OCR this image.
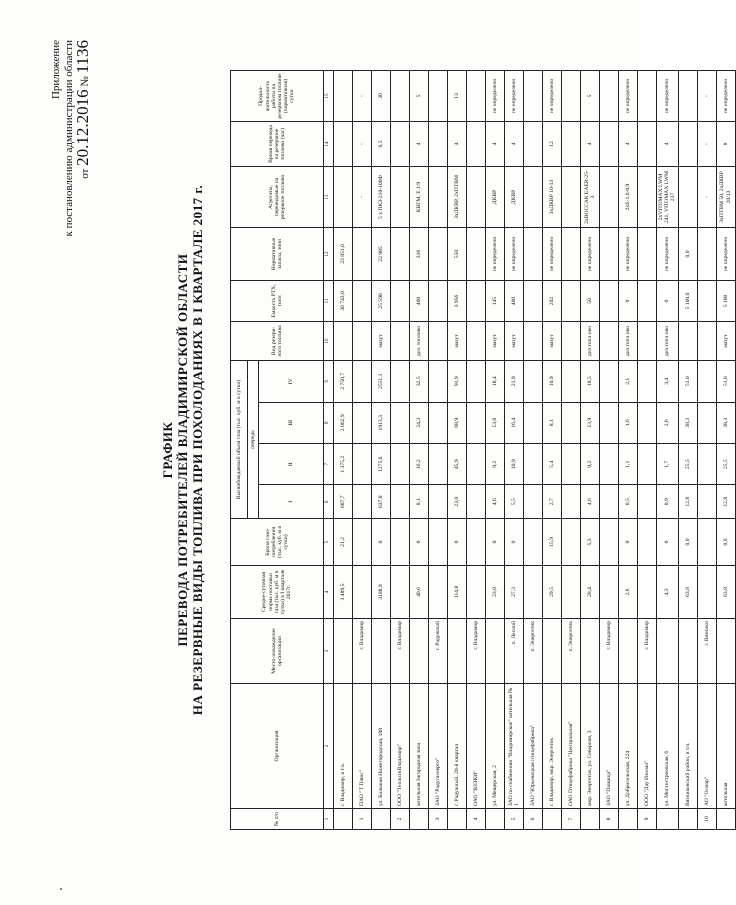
Приложение к постановлению администрации области от 20.12.2016 № 1136
ГРАФИК ПЕРЕВОДА ПОТРЕБИТЕЛЕЙ ВЛАДИМИРСКОЙ ОБЛАСТИ НА РЕЗЕРВНЫЕ ВИДЫ ТОПЛИВА ПРИ ПОХОЛОДАНИЯХ В I КВАРТАЛЕ 2017 г.
№ п/п	Организация	Место-нахождение организации	Средне-суточная норма поставки газа (тыс. куб. м в сутки) в I квартале 2017г.	Броня газо-потребления (тыс. куб. м в сутки)	Высвобождаемый объем газа (тыс. куб. м в сутки)				Вид резерв-ного топлива	Емкость РТХ, тонн	Нормативные запасы, тонн	Агрегаты, переводимые на резервное топливо	Время перехода на резервное топливо (час)	Продол-жительность работы на резервном топливе (нормативная) сутки
					очередь									
					I	II	III	IV						
1	2	3	4	5	6	7	8	9	10	11	12	13	14	15
	г. Владимир, в т.ч.		3 489,5	21,2	687,7	1 375,2	2 062,9	2 750,7		30 743,0	23 851,0			
1	ПАО "Т Плюс"	г. Владимир										-	-	-
	ул. Большая Нижегородская, 108		3188,9	0	637,8	1275,6	1913,3	2551,1	мазут	25 590	22 985	5 х ПКЗ-210-100Ф	0,5	30
2	ООО "ТеплоэнВладимир"	г. Владимир												
	котельная Загородная зона		40,6	0	8,1	16,2	24,3	32,5	диз. топливо	400	316	КВГМ, Е 1/9	4	5
3	ЗАО "Радугаэнерго"	г. Радужный												
	г. Радужный, 20-й квартал		114,8	0	23,0	45,9	68,9	91,9	мазут	3 956	550	3хДКВР, 2хПТВМ	4	13
4	ОАО "ВЗЭКИ"	г. Владимир												
	ул. Мещерская, 2		23,0	0	4,6	9,2	13,8	18,4	мазут	145	не определено	ДКВР	4	не определено
5	ЗАО по снабжению "Владимирское" котельная № 1	п. Лесной	27,3	0	5,5	10,9	16,4	21,9	мазут	400	не определено	ДКВР	4	не определено
6	ЗАО "Юрьевецкая птицефабрика"	п. Энергетик												
	г. Владимир, мкр. Энергетик		29,5	15,9	2,7	5,4	8,1	10,9	мазут	202	не определено	3хДКВР 10-13	12	не определено
7	ОАО Птицефабрика "Центральная"	п. Энергетик												
	мкр. Энергетик, ул. Северная, 3		28,4	5,3	4,6	9,2	13,9	18,5	диз.топл иво	50	не определено	2хВОССАК ЕАЕR-25-3	4	5
8	ЗАО "Пищица"	г. Владимир												
	ул. Добросельская, 224		2,6	0	0,5	1,1	1,6	2,1	диз.топл иво	0	не определено	2хЕ-1,6-0,9	4	не определено
9	ООО "Дау Изолан"	г. Владимир												
	ул. Мостостроевская, 6		4,3	0	0,9	1,7	2,6	3,4	диз.топл иво	0	не определено	2хVITOMAX LWM 241, VITOMAX LWM 237	4	не определено
	Вязниковский район, в т.ч.		63,8	0,0	12,8	25,5	38,3	51,0		5 100,0	0,0			
10	АО "Осмар"	г. Вязники										-	-	-
	котельная		63,8	0,0	12,8	25,5	38,3	51,0	мазут	5 100	не определено	3хПТВМ 50, 2хДКВР 20/13	8	не определено
